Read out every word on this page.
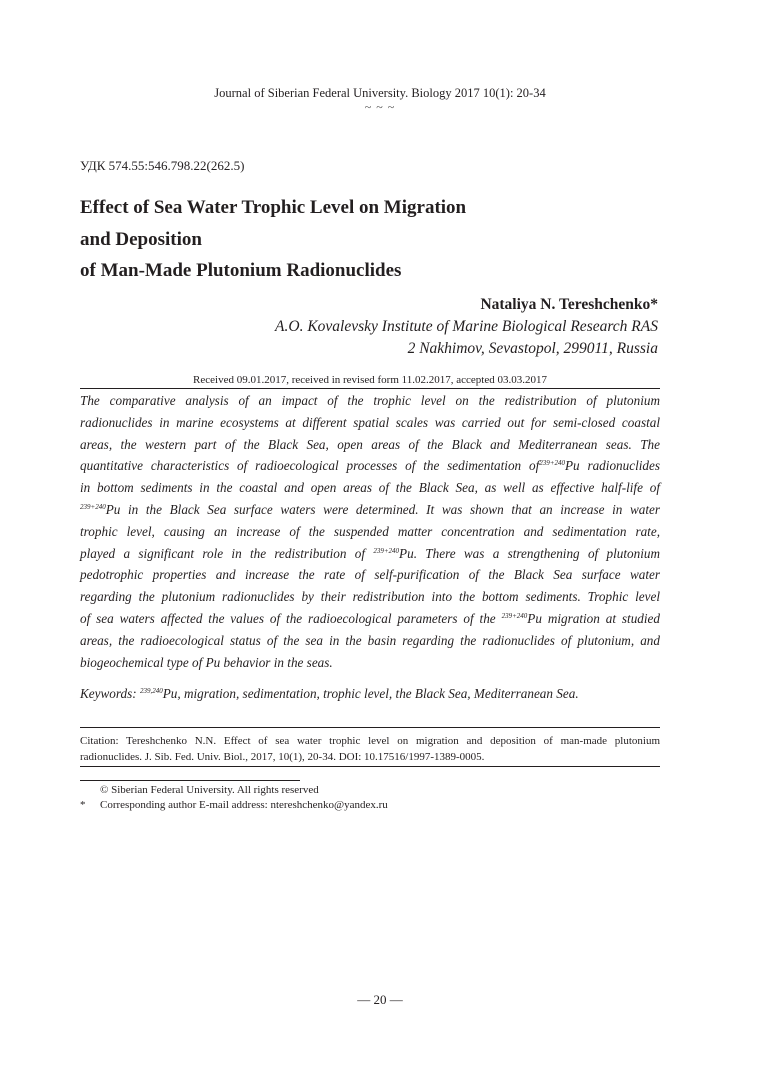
Journal of Siberian Federal University. Biology 2017 10(1): 20-34
~ ~ ~
УДК 574.55:546.798.22(262.5)
Effect of Sea Water Trophic Level on Migration
and Deposition
of Man-Made Plutonium Radionuclides
Nataliya N. Tereshchenko*
A.O. Kovalevsky Institute of Marine Biological Research RAS
2 Nakhimov, Sevastopol, 299011, Russia
Received 09.01.2017, received in revised form 11.02.2017, accepted 03.03.2017
The comparative analysis of an impact of the trophic level on the redistribution of plutonium
radionuclides in marine ecosystems at different spatial scales was carried out for semi-closed coastal
areas, the western part of the Black Sea, open areas of the Black and Mediterranean seas. The
quantitative characteristics of radioecological processes of the sedimentation $of^{239+240}Pu$ radionuclides
in bottom sediments in the coastal and open areas of the Black Sea, as well as effective half-life of
$^{239+240}$Pu in the Black Sea surface waters were determined. It was shown that an increase in water
trophic level, causing an increase of the suspended matter concentration and sedimentation rate,
played a significant role in the redistribution of $^{239+240}$Pu. There was a strengthening of plutonium
pedotrophic properties and increase the rate of self-purification of the Black Sea surface water
regarding the plutonium radionuclides by their redistribution into the bottom sediments. Trophic level
of sea waters affected the values of the radioecological parameters of the $^{239+240}$Pu migration at studied
areas, the radioecological status of the sea in the basin regarding the radionuclides of plutonium, and
biogeochemical type of Pu behavior in the seas.
Keywords: $^{239,240}$Pu, migration, sedimentation, trophic level, the Black Sea, Mediterranean Sea.
Citation: Tereshchenko N.N. Effect of sea water trophic level on migration and deposition of man-made plutonium
radionuclides. J. Sib. Fed. Univ. Biol., 2017, 10(1), 20-34. DOI: 10.17516/1997-1389-0005.
© Siberian Federal University. All rights reserved
* Corresponding author E-mail address: ntereshchenko@yandex.ru
— 20 —
